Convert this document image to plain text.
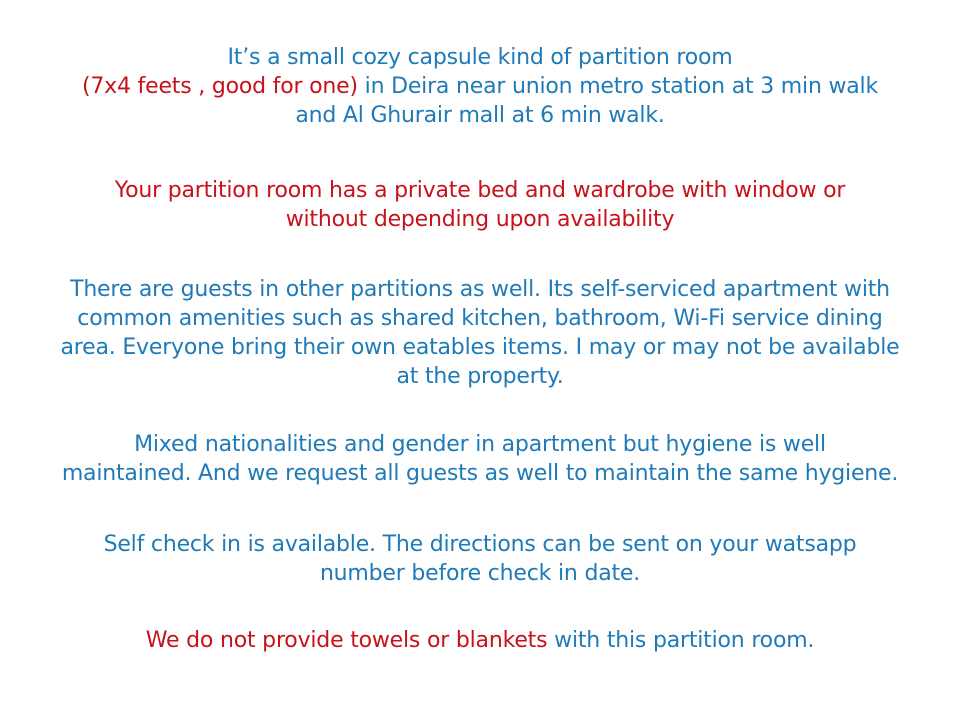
It’s a small cozy capsule kind of partition room
(7x4 feets , good for one) in Deira near union metro station at 3 min walk
and Al Ghurair mall at 6 min walk.

Your partition room has a private bed and wardrobe with window or
without depending upon availability

There are guests in other partitions as well. Its self-serviced apartment with
common amenities such as shared kitchen, bathroom, Wi-Fi service dining
area. Everyone bring their own eatables items. I may or may not be available
at the property.

Mixed nationalities and gender in apartment but hygiene is well
maintained. And we request all guests as well to maintain the same hygiene.

Self check in is available. The directions can be sent on your watsapp
number before check in date.

We do not provide towels or blankets with this partition room.
